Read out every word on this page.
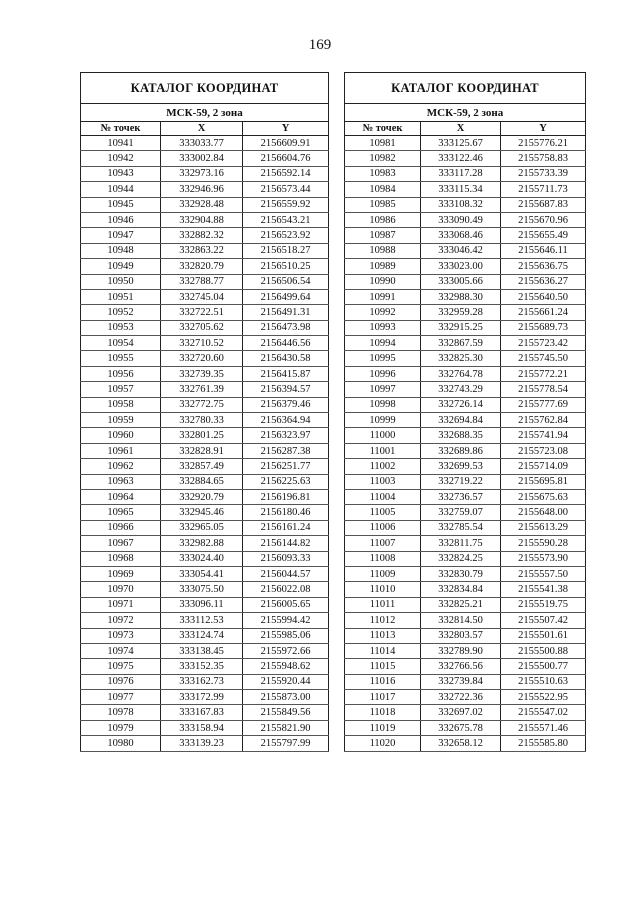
169
КАТАЛОГ КООРДИНАТ		
МСК-59, 2 зона		
№ точек	X	Y
10941	333033.77	2156609.91
10942	333002.84	2156604.76
10943	332973.16	2156592.14
10944	332946.96	2156573.44
10945	332928.48	2156559.92
10946	332904.88	2156543.21
10947	332882.32	2156523.92
10948	332863.22	2156518.27
10949	332820.79	2156510.25
10950	332788.77	2156506.54
10951	332745.04	2156499.64
10952	332722.51	2156491.31
10953	332705.62	2156473.98
10954	332710.52	2156446.56
10955	332720.60	2156430.58
10956	332739.35	2156415.87
10957	332761.39	2156394.57
10958	332772.75	2156379.46
10959	332780.33	2156364.94
10960	332801.25	2156323.97
10961	332828.91	2156287.38
10962	332857.49	2156251.77
10963	332884.65	2156225.63
10964	332920.79	2156196.81
10965	332945.46	2156180.46
10966	332965.05	2156161.24
10967	332982.88	2156144.82
10968	333024.40	2156093.33
10969	333054.41	2156044.57
10970	333075.50	2156022.08
10971	333096.11	2156005.65
10972	333112.53	2155994.42
10973	333124.74	2155985.06
10974	333138.45	2155972.66
10975	333152.35	2155948.62
10976	333162.73	2155920.44
10977	333172.99	2155873.00
10978	333167.83	2155849.56
10979	333158.94	2155821.90
10980	333139.23	2155797.99
КАТАЛОГ КООРДИНАТ		
МСК-59, 2 зона		
№ точек	X	Y
10981	333125.67	2155776.21
10982	333122.46	2155758.83
10983	333117.28	2155733.39
10984	333115.34	2155711.73
10985	333108.32	2155687.83
10986	333090.49	2155670.96
10987	333068.46	2155655.49
10988	333046.42	2155646.11
10989	333023.00	2155636.75
10990	333005.66	2155636.27
10991	332988.30	2155640.50
10992	332959.28	2155661.24
10993	332915.25	2155689.73
10994	332867.59	2155723.42
10995	332825.30	2155745.50
10996	332764.78	2155772.21
10997	332743.29	2155778.54
10998	332726.14	2155777.69
10999	332694.84	2155762.84
11000	332688.35	2155741.94
11001	332689.86	2155723.08
11002	332699.53	2155714.09
11003	332719.22	2155695.81
11004	332736.57	2155675.63
11005	332759.07	2155648.00
11006	332785.54	2155613.29
11007	332811.75	2155590.28
11008	332824.25	2155573.90
11009	332830.79	2155557.50
11010	332834.84	2155541.38
11011	332825.21	2155519.75
11012	332814.50	2155507.42
11013	332803.57	2155501.61
11014	332789.90	2155500.88
11015	332766.56	2155500.77
11016	332739.84	2155510.63
11017	332722.36	2155522.95
11018	332697.02	2155547.02
11019	332675.78	2155571.46
11020	332658.12	2155585.80
